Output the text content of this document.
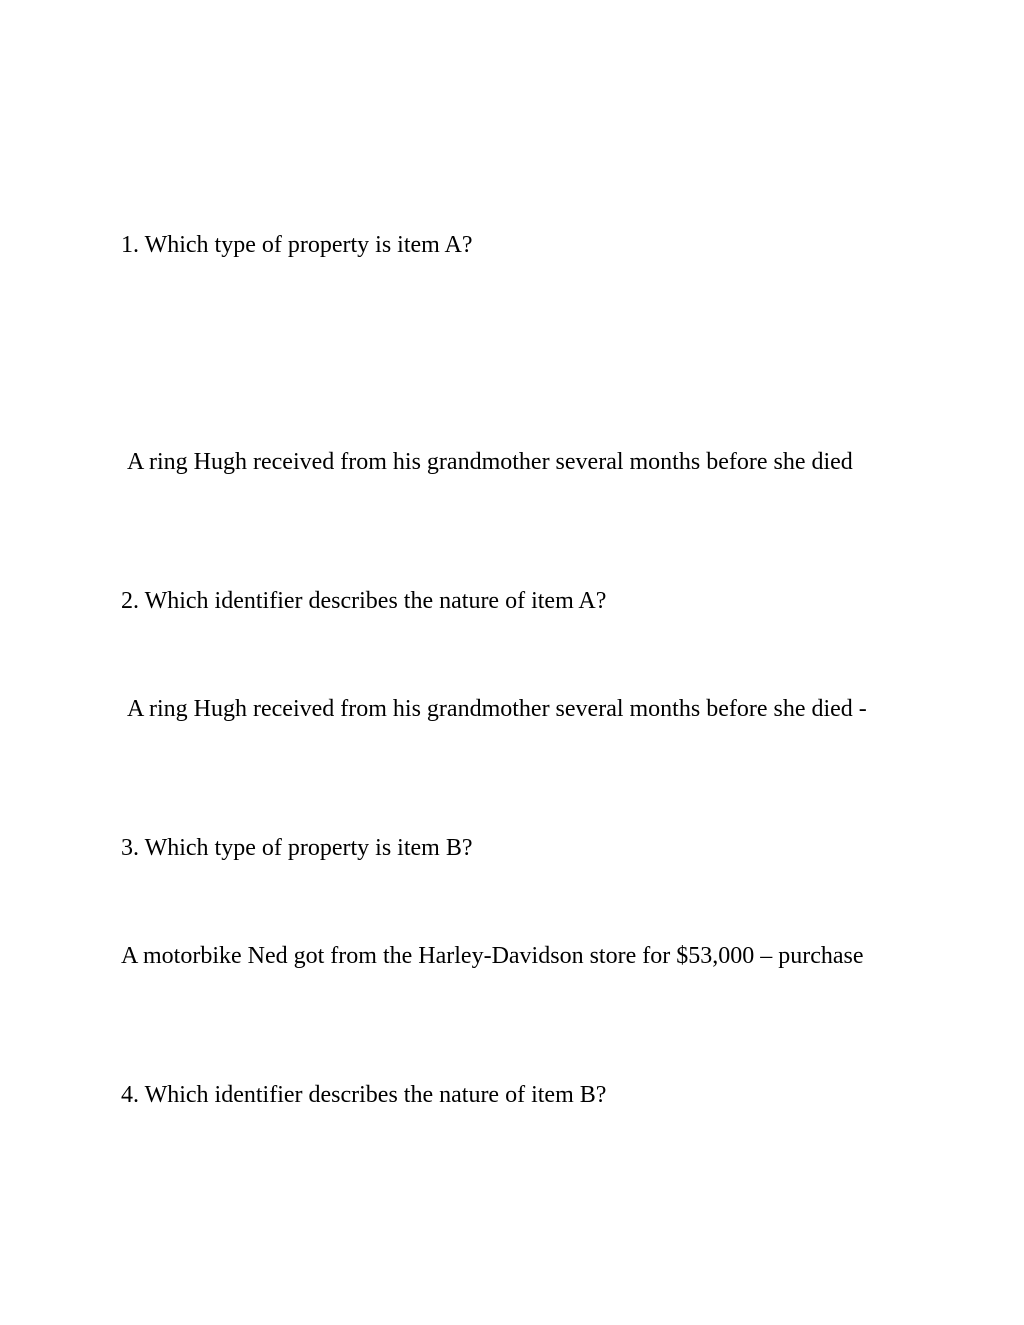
1. Which type of property is item A?
A ring Hugh received from his grandmother several months before she died
2. Which identifier describes the nature of item A?
A ring Hugh received from his grandmother several months before she died -
3. Which type of property is item B?
A motorbike Ned got from the Harley-Davidson store for $53,000 – purchase
4. Which identifier describes the nature of item B?
